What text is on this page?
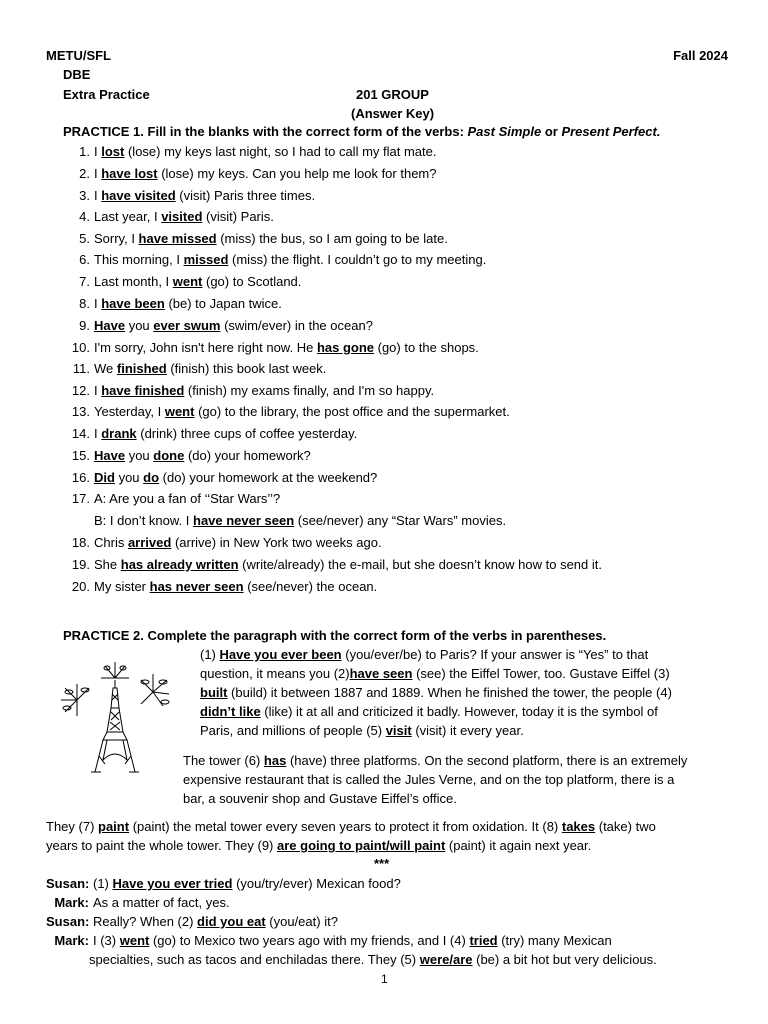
METU/SFL	Fall 2024
DBE
Extra Practice	201 GROUP
(Answer Key)
PRACTICE 1. Fill in the blanks with the correct form of the verbs: Past Simple or Present Perfect.
1. I lost (lose) my keys last night, so I had to call my flat mate.
2. I have lost (lose) my keys. Can you help me look for them?
3. I have visited (visit) Paris three times.
4. Last year, I visited (visit) Paris.
5. Sorry, I have missed (miss) the bus, so I am going to be late.
6. This morning, I missed (miss) the flight. I couldn’t go to my meeting.
7. Last month, I went (go) to Scotland.
8. I have been (be) to Japan twice.
9. Have you ever swum (swim/ever) in the ocean?
10. I'm sorry, John isn't here right now. He has gone (go) to the shops.
11. We finished (finish) this book last week.
12. I have finished (finish) my exams finally, and I'm so happy.
13. Yesterday, I went (go) to the library, the post office and the supermarket.
14. I drank (drink) three cups of coffee yesterday.
15. Have you done (do) your homework?
16. Did you do (do) your homework at the weekend?
17. A: Are you a fan of ‘‘Star Wars’’?
B: I don’t know. I have never seen (see/never) any “Star Wars” movies.
18. Chris arrived (arrive) in New York two weeks ago.
19. She has already written (write/already) the e-mail, but she doesn’t know how to send it.
20. My sister has never seen (see/never) the ocean.
PRACTICE 2. Complete the paragraph with the correct form of the verbs in parentheses.
(1) Have you ever been (you/ever/be) to Paris? If your answer is “Yes” to that
question, it means you (2)have seen (see) the Eiffel Tower, too. Gustave Eiffel (3)
built (build) it between 1887 and 1889. When he finished the tower, the people (4)
didn’t like (like) it at all and criticized it badly. However, today it is the symbol of
Paris, and millions of people (5) visit (visit) it every year.
The tower (6) has (have) three platforms. On the second platform, there is an extremely
expensive restaurant that is called the Jules Verne, and on the top platform, there is a
bar, a souvenir shop and Gustave Eiffel’s office.
They (7) paint (paint) the metal tower every seven years to protect it from oxidation. It (8) takes (take) two
years to paint the whole tower. They (9) are going to paint/will paint (paint) it again next year.
***
Susan:(1) Have you ever tried (you/try/ever) Mexican food?
Mark:As a matter of fact, yes.
Susan:Really? When (2) did you eat (you/eat) it?
Mark:I (3) went (go) to Mexico two years ago with my friends, and I (4) tried (try) many Mexican
specialties, such as tacos and enchiladas there. They (5) were/are (be) a bit hot but very delicious.
1
